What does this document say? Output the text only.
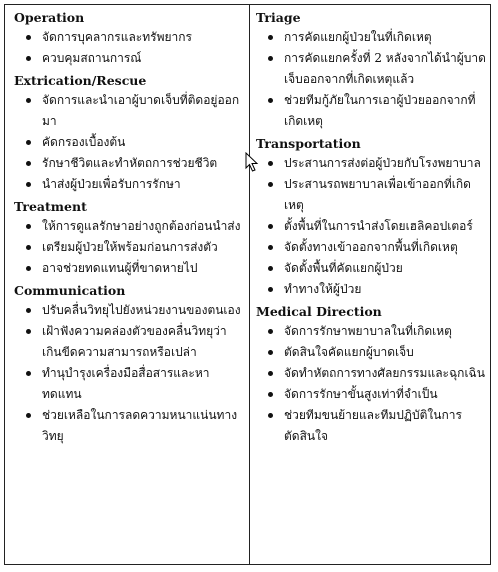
Operation

จัดการบุคลากรและทรัพยากร
ควบคุมสถานการณ์

Extrication/Rescue

จัดการและนำเอาผู้บาดเจ็บที่ติดอยู่ออกมา
คัดกรองเบื้องต้น
รักษาชีวิตและทำหัตถการช่วยชีวิต
นำส่งผู้ป่วยเพื่อรับการรักษา

Treatment

ให้การดูแลรักษาอย่างถูกต้องก่อนนำส่ง
เตรียมผู้ป่วยให้พร้อมก่อนการส่งตัว
อาจช่วยทดแทนผู้ที่ขาดหายไป

Communication

ปรับคลื่นวิทยุไปยังหน่วยงานของตนเอง
เฝ้าฟังความคล่องตัวของคลื่นวิทยุว่าเกินขีดความสามารถหรือเปล่า
ทำนุบำรุงเครื่องมือสื่อสารและหาทดแทน
ช่วยเหลือในการลดความหนาแน่นทางวิทยุ

Triage

การคัดแยกผู้ป่วยในที่เกิดเหตุ
การคัดแยกครั้งที่ 2 หลังจากได้นำผู้บาดเจ็บออกจากที่เกิดเหตุแล้ว
ช่วยทีมกู้ภัยในการเอาผู้ป่วยออกจากที่เกิดเหตุ

Transportation

ประสานการส่งต่อผู้ป่วยกับโรงพยาบาล
ประสานรถพยาบาลเพื่อเข้าออกที่เกิดเหตุ
ตั้งพื้นที่ในการนำส่งโดยเฮลิคอปเตอร์
จัดตั้งทางเข้าออกจากพื้นที่เกิดเหตุ
จัดตั้งพื้นที่คัดแยกผู้ป่วย
ทำทางให้ผู้ป่วย

Medical Direction

จัดการรักษาพยาบาลในที่เกิดเหตุ
ตัดสินใจคัดแยกผู้บาดเจ็บ
จัดทำหัตถการทางศัลยกรรมและฉุกเฉิน
จัดการรักษาขั้นสูงเท่าที่จำเป็น
ช่วยทีมขนย้ายและทีมปฏิบัติในการตัดสินใจ
